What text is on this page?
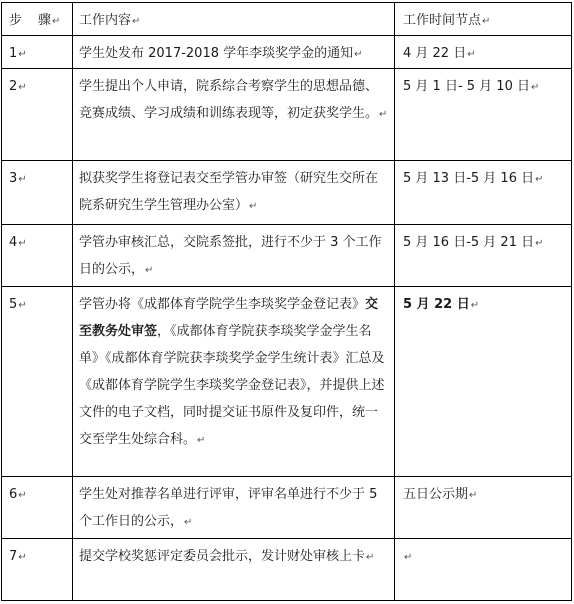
步 骤↵	工作内容↵	工作时间节点↵
1↵	学生处发布 2017-2018 学年李琰奖学金的通知↵	4 月 22 日↵
2↵	学生提出个人申请，院系综合考察学生的思想品德、竞赛成绩、学习成绩和训练表现等，初定获奖学生。↵	5 月 1 日- 5 月 10 日↵
3↵	拟获奖学生将登记表交至学管办审签（研究生交所在院系研究生学生管理办公室）↵	5 月 13 日-5 月 16 日↵
4↵	学管办审核汇总，交院系签批，进行不少于 3 个工作日的公示，↵	5 月 16 日-5 月 21 日↵
5↵	学管办将《成都体育学院学生李琰奖学金登记表》交至教务处审签，《成都体育学院获李琰奖学金学生名单》《成都体育学院获李琰奖学金学生统计表》汇总及《成都体育学院学生李琰奖学金登记表》，并提供上述文件的电子文档，同时提交证书原件及复印件，统一交至学生处综合科。↵	5 月 22 日↵
6↵	学生处对推荐名单进行评审，评审名单进行不少于 5 个工作日的公示，↵	五日公示期↵
7↵	提交学校奖惩评定委员会批示，发计财处审核上卡↵	↵
